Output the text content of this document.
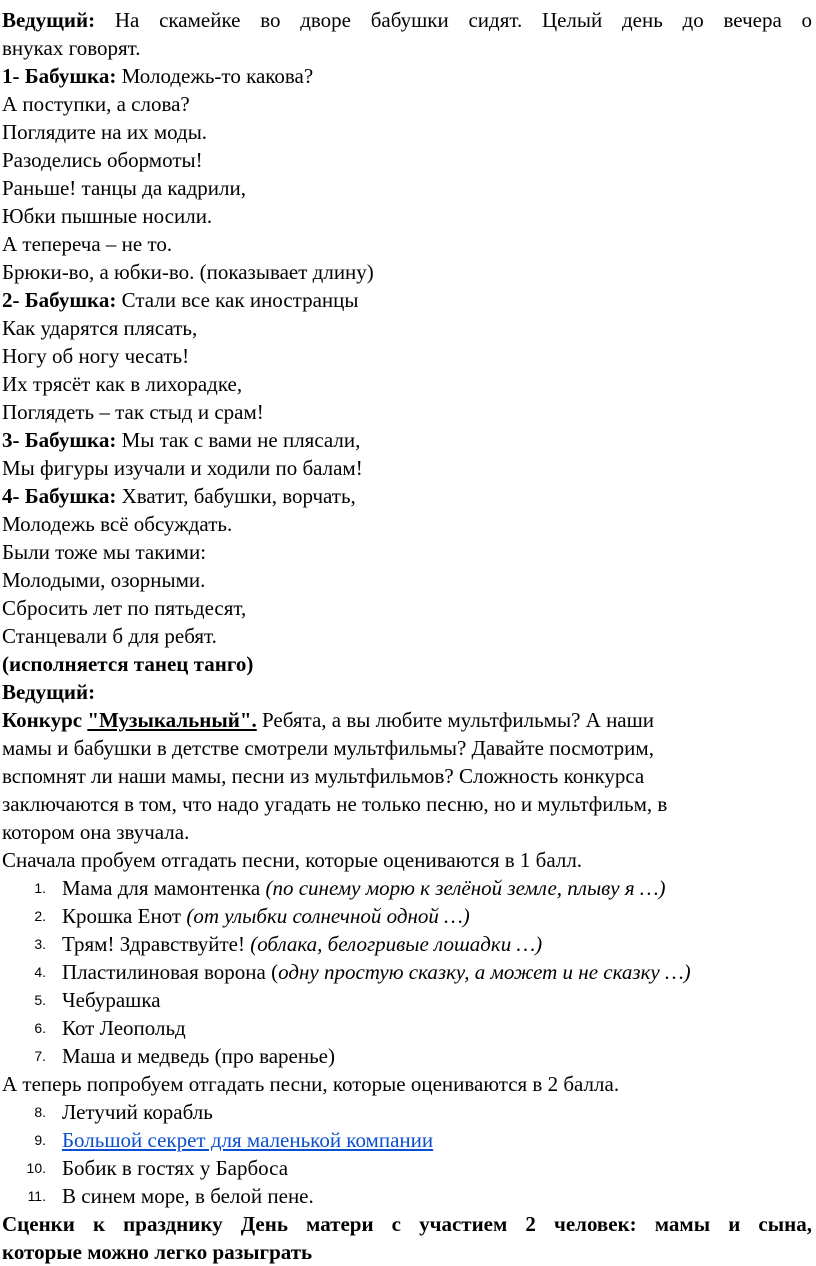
Ведущий: На скамейке во дворе бабушки сидят. Целый день до вечера о
внуках говорят.
1- Бабушка: Молодежь-то какова?
А поступки, а слова?
Поглядите на их моды.
Разоделись обормоты!
Раньше! танцы да кадрили,
Юбки пышные носили.
А тепереча – не то.
Брюки-во, а юбки-во. (показывает длину)
2- Бабушка: Стали все как иностранцы
Как ударятся плясать,
Ногу об ногу чесать!
Их трясёт как в лихорадке,
Поглядеть – так стыд и срам!
3- Бабушка: Мы так с вами не плясали,
Мы фигуры изучали и ходили по балам!
4- Бабушка: Хватит, бабушки, ворчать,
Молодежь всё обсуждать.
Были тоже мы такими:
Молодыми, озорными.
Сбросить лет по пятьдесят,
Станцевали б для ребят.
(исполняется танец танго)
Ведущий:
Конкурс "Музыкальный". Ребята, а вы любите мультфильмы? А наши
мамы и бабушки в детстве смотрели мультфильмы? Давайте посмотрим,
вспомнят ли наши мамы, песни из мультфильмов? Сложность конкурса
заключаются в том, что надо угадать не только песню, но и мультфильм, в
котором она звучала.
Сначала пробуем отгадать песни, которые оцениваются в 1 балл.
1. Мама для мамонтенка (по синему морю к зелёной земле, плыву я …)
2. Крошка Енот (от улыбки солнечной одной …)
3. Трям! Здравствуйте! (облака, белогривые лошадки …)
4. Пластилиновая ворона (одну простую сказку, а может и не сказку …)
5. Чебурашка
6. Кот Леопольд
7. Маша и медведь (про варенье)
А теперь попробуем отгадать песни, которые оцениваются в 2 балла.
8. Летучий корабль
9. Большой секрет для маленькой компании
10. Бобик в гостях у Барбоса
11. В синем море, в белой пене.
Сценки к празднику День матери с участием 2 человек: мамы и сына,
которые можно легко разыграть
